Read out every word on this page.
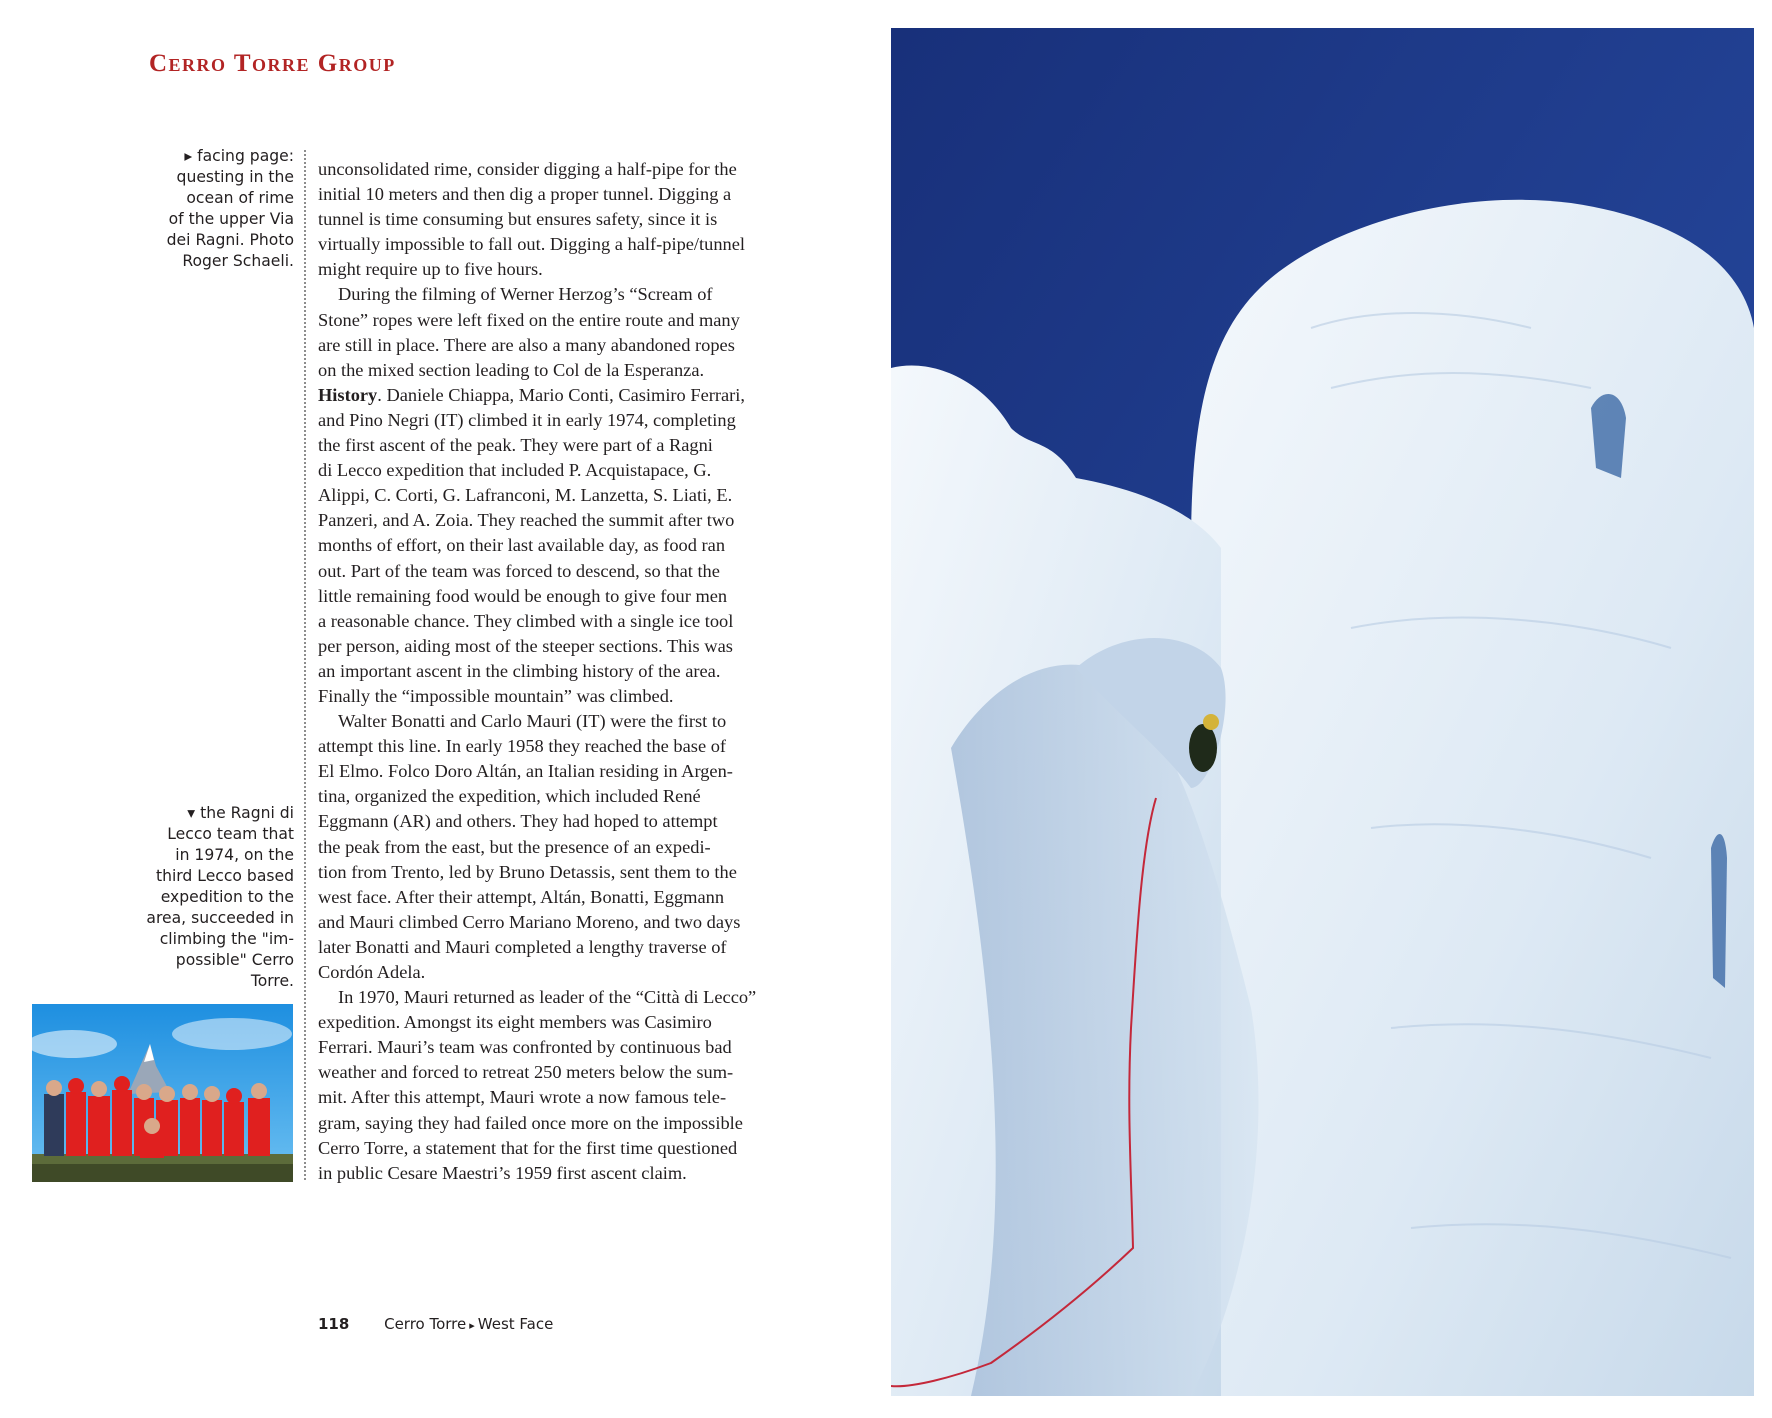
Cerro Torre Group

▸ facing page:
questing in the
ocean of rime
of the upper Via
dei Ragni. Photo
Roger Schaeli.

▾ the Ragni di
Lecco team that
in 1974, on the
third Lecco based
expedition to the
area, succeeded in
climbing the "im-
possible" Cerro
Torre.

unconsolidated rime, consider digging a half-pipe for the
initial 10 meters and then dig a proper tunnel. Digging a
tunnel is time consuming but ensures safety, since it is
virtually impossible to fall out. Digging a half-pipe/tunnel
might require up to five hours.
During the filming of Werner Herzog’s “Scream of
Stone” ropes were left fixed on the entire route and many
are still in place. There are also a many abandoned ropes
on the mixed section leading to Col de la Esperanza.
History. Daniele Chiappa, Mario Conti, Casimiro Ferrari,
and Pino Negri (IT) climbed it in early 1974, completing
the first ascent of the peak. They were part of a Ragni
di Lecco expedition that included P. Acquistapace, G.
Alippi, C. Corti, G. Lafranconi, M. Lanzetta, S. Liati, E.
Panzeri, and A. Zoia. They reached the summit after two
months of effort, on their last available day, as food ran
out. Part of the team was forced to descend, so that the
little remaining food would be enough to give four men
a reasonable chance. They climbed with a single ice tool
per person, aiding most of the steeper sections. This was
an important ascent in the climbing history of the area.
Finally the “impossible mountain” was climbed.
Walter Bonatti and Carlo Mauri (IT) were the first to
attempt this line. In early 1958 they reached the base of
El Elmo. Folco Doro Altán, an Italian residing in Argen-
tina, organized the expedition, which included René
Eggmann (AR) and others. They had hoped to attempt
the peak from the east, but the presence of an expedi-
tion from Trento, led by Bruno Detassis, sent them to the
west face. After their attempt, Altán, Bonatti, Eggmann
and Mauri climbed Cerro Mariano Moreno, and two days
later Bonatti and Mauri completed a lengthy traverse of
Cordón Adela.
In 1970, Mauri returned as leader of the “Città di Lecco”
expedition. Amongst its eight members was Casimiro
Ferrari. Mauri’s team was confronted by continuous bad
weather and forced to retreat 250 meters below the sum-
mit. After this attempt, Mauri wrote a now famous tele-
gram, saying they had failed once more on the impossible
Cerro Torre, a statement that for the first time questioned
in public Cesare Maestri’s 1959 first ascent claim.
118 Cerro Torre ▸ West Face
